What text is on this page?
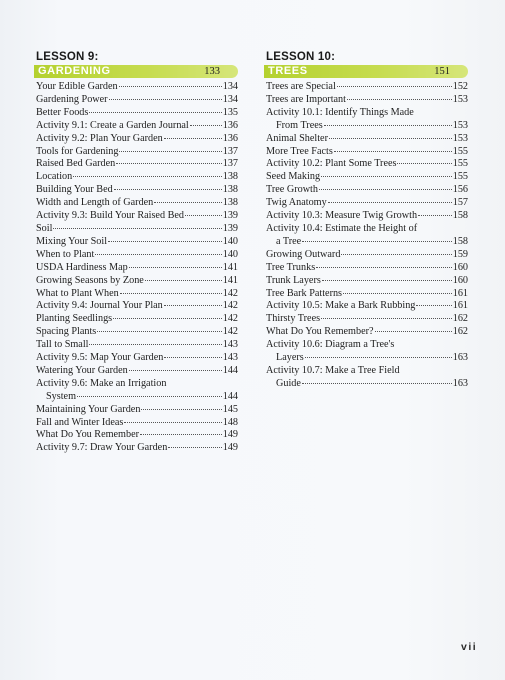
LESSON 9:
GARDENING	133
Your Edible Garden	134
Gardening Power	134
Better Foods	135
Activity 9.1: Create a Garden Journal	136
Activity 9.2: Plan Your Garden	136
Tools for Gardening	137
Raised Bed Garden	137
Location	138
Building Your Bed	138
Width and Length of Garden	138
Activity 9.3: Build Your Raised Bed	139
Soil	139
Mixing Your Soil	140
When to Plant	140
USDA Hardiness Map	141
Growing Seasons by Zone	141
What to Plant When	142
Activity 9.4: Journal Your Plan	142
Planting Seedlings	142
Spacing Plants	142
Tall to Small	143
Activity 9.5: Map Your Garden	143
Watering Your Garden	144
Activity 9.6: Make an Irrigation
System	144
Maintaining Your Garden	145
Fall and Winter Ideas	148
What Do You Remember	149
Activity 9.7: Draw Your Garden	149
LESSON 10:
TREES	151
Trees are Special	152
Trees are Important	153
Activity 10.1: Identify Things Made
From Trees	153
Animal Shelter	153
More Tree Facts	155
Activity 10.2: Plant Some Trees	155
Seed Making	155
Tree Growth	156
Twig Anatomy	157
Activity 10.3: Measure Twig Growth	158
Activity 10.4: Estimate the Height of
a Tree	158
Growing Outward	159
Tree Trunks	160
Trunk Layers	160
Tree Bark Patterns	161
Activity 10.5: Make a Bark Rubbing	161
Thirsty Trees	162
What Do You Remember?	162
Activity 10.6: Diagram a Tree's
Layers	163
Activity 10.7: Make a Tree Field
Guide	163
vii
